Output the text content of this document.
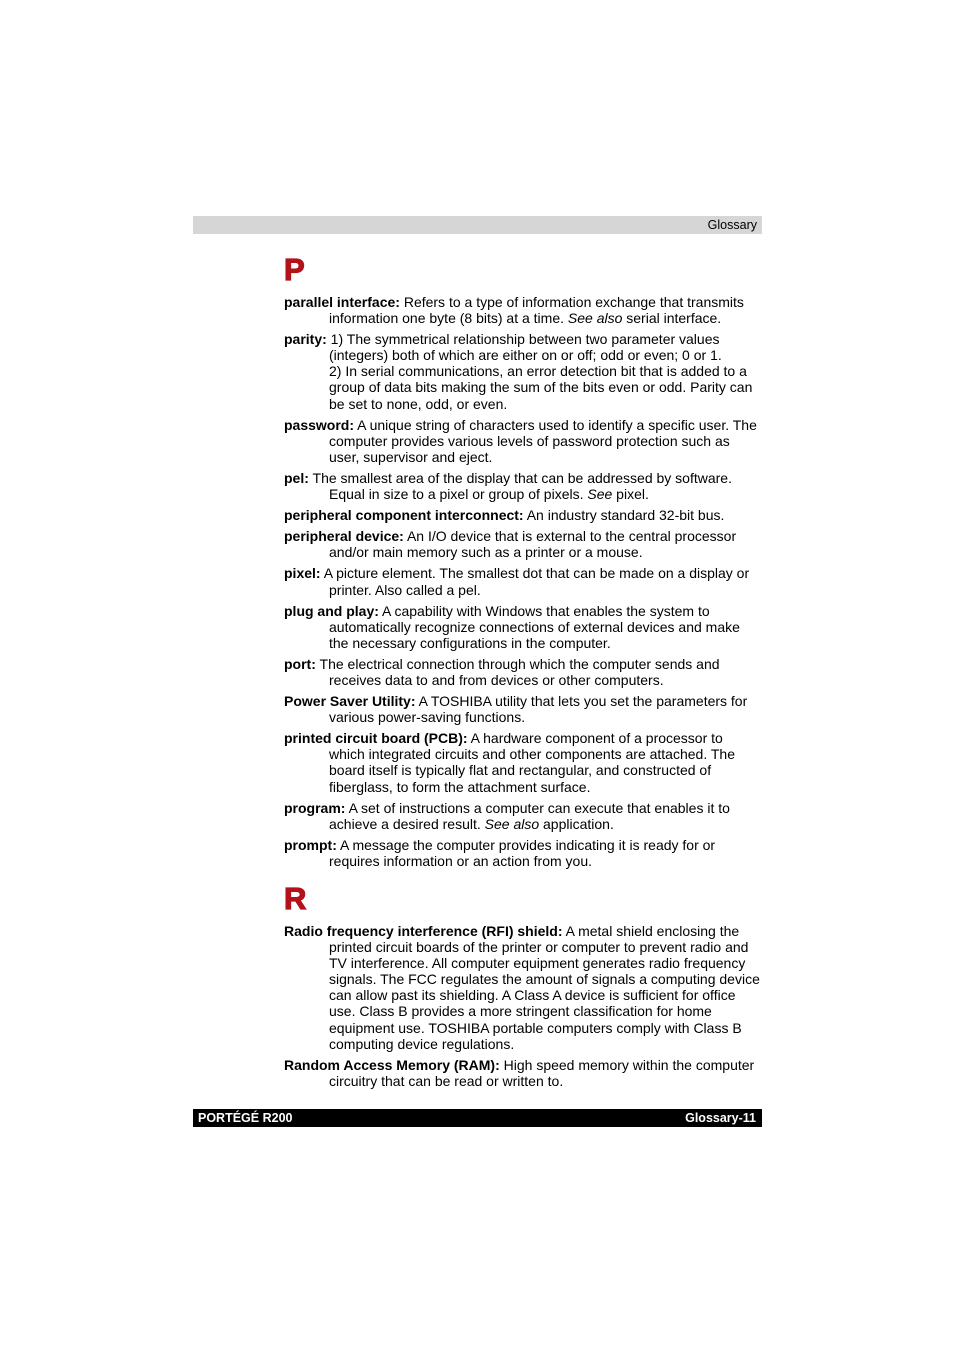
Glossary
P

parallel interface: Refers to a type of information exchange that transmits information one byte (8 bits) at a time. See also serial interface.

parity: 1) The symmetrical relationship between two parameter values (integers) both of which are either on or off; odd or even; 0 or 1.
2) In serial communications, an error detection bit that is added to a group of data bits making the sum of the bits even or odd. Parity can be set to none, odd, or even.

password: A unique string of characters used to identify a specific user. The computer provides various levels of password protection such as user, supervisor and eject.

pel: The smallest area of the display that can be addressed by software. Equal in size to a pixel or group of pixels. See pixel.

peripheral component interconnect: An industry standard 32-bit bus.

peripheral device: An I/O device that is external to the central processor and/or main memory such as a printer or a mouse.

pixel: A picture element. The smallest dot that can be made on a display or printer. Also called a pel.

plug and play: A capability with Windows that enables the system to automatically recognize connections of external devices and make the necessary configurations in the computer.

port: The electrical connection through which the computer sends and receives data to and from devices or other computers.

Power Saver Utility: A TOSHIBA utility that lets you set the parameters for various power-saving functions.

printed circuit board (PCB): A hardware component of a processor to which integrated circuits and other components are attached. The board itself is typically flat and rectangular, and constructed of fiberglass, to form the attachment surface.

program: A set of instructions a computer can execute that enables it to achieve a desired result. See also application.

prompt: A message the computer provides indicating it is ready for or requires information or an action from you.

R

Radio frequency interference (RFI) shield: A metal shield enclosing the printed circuit boards of the printer or computer to prevent radio and TV interference. All computer equipment generates radio frequency signals. The FCC regulates the amount of signals a computing device can allow past its shielding. A Class A device is sufficient for office use. Class B provides a more stringent classification for home equipment use. TOSHIBA portable computers comply with Class B computing device regulations.

Random Access Memory (RAM): High speed memory within the computer circuitry that can be read or written to.

PORTÉGÉ R200	Glossary-11
